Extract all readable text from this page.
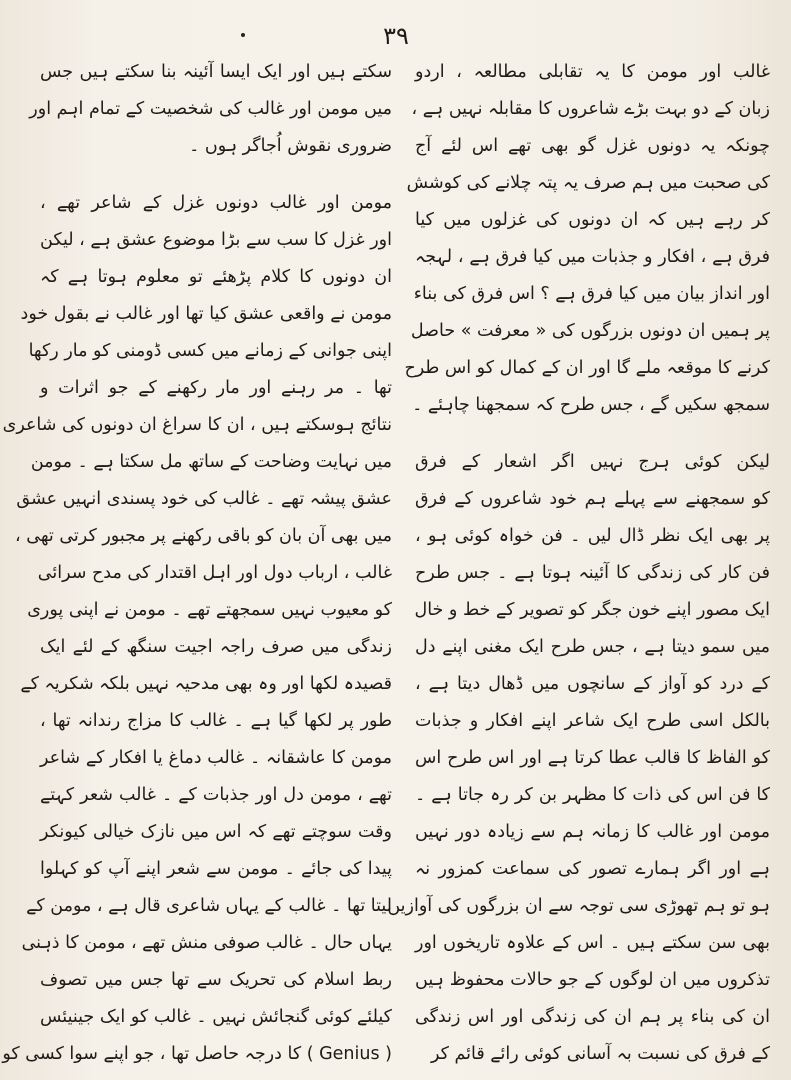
۳۹
غالب اور مومن کا یہ تقابلی مطالعہ ، اردو
زبان کے دو بہت بڑے شاعروں کا مقابلہ نہیں ہے ،
چونکہ یہ دونوں غزل گو بھی تھے اس لئے آج
کی صحبت میں ہم صرف یہ پتہ چلانے کی کوشش
کر رہے ہیں کہ ان دونوں کی غزلوں میں کیا
فرق ہے ، افکار و جذبات میں کیا فرق ہے ، لہجہ
اور انداز بیان میں کیا فرق ہے ؟ اس فرق کی بناء
پر ہمیں ان دونوں بزرگوں کی « معرفت » حاصل
کرنے کا موقعہ ملے گا اور ان کے کمال کو اس طرح
سمجھ سکیں گے ، جس طرح کہ سمجھنا چاہئے ۔
لیکن کوئی ہرج نہیں اگر اشعار کے فرق
کو سمجھنے سے پہلے ہم خود شاعروں کے فرق
پر بھی ایک نظر ڈال لیں ۔ فن خواہ کوئی ہو ،
فن کار کی زندگی کا آئینہ ہوتا ہے ۔ جس طرح
ایک مصور اپنے خون جگر کو تصویر کے خط و خال
میں سمو دیتا ہے ، جس طرح ایک مغنی اپنے دل
کے درد کو آواز کے سانچوں میں ڈھال دیتا ہے ،
بالکل اسی طرح ایک شاعر اپنے افکار و جذبات
کو الفاظ کا قالب عطا کرتا ہے اور اس طرح اس
کا فن اس کی ذات کا مظہر بن کر رہ جاتا ہے ۔
مومن اور غالب کا زمانہ ہم سے زیادہ دور نہیں
ہے اور اگر ہمارے تصور کی سماعت کمزور نہ
ہو تو ہم تھوڑی سی توجہ سے ان بزرگوں کی آوازیں
بھی سن سکتے ہیں ۔ اس کے علاوہ تاریخوں اور
تذکروں میں ان لوگوں کے جو حالات محفوظ ہیں
ان کی بناء پر ہم ان کی زندگی اور اس زندگی
کے فرق کی نسبت بہ آسانی کوئی رائے قائم کر
سکتے ہیں اور ایک ایسا آئینہ بنا سکتے ہیں جس
میں مومن اور غالب کی شخصیت کے تمام اہم اور
ضروری نقوش اُجاگر ہوں ۔
مومن اور غالب دونوں غزل کے شاعر تھے ،
اور غزل کا سب سے بڑا موضوع عشق ہے ، لیکن
ان دونوں کا کلام پڑھئے تو معلوم ہوتا ہے کہ
مومن نے واقعی عشق کیا تھا اور غالب نے بقول خود
اپنی جوانی کے زمانے میں کسی ڈومنی کو مار رکھا
تھا ۔ مر رہنے اور مار رکھنے کے جو اثرات و
نتائج ہوسکتے ہیں ، ان کا سراغ ان دونوں کی شاعری
میں نہایت وضاحت کے ساتھ مل سکتا ہے ۔ مومن
عشق پیشہ تھے ۔ غالب کی خود پسندی انہیں عشق
میں بھی آن بان کو باقی رکھنے پر مجبور کرتی تھی ،
غالب ، ارباب دول اور اہل اقتدار کی مدح سرائی
کو معیوب نہیں سمجھتے تھے ۔ مومن نے اپنی پوری
زندگی میں صرف راجہ اجیت سنگھ کے لئے ایک
قصیدہ لکھا اور وہ بھی مدحیہ نہیں بلکہ شکریہ کے
طور پر لکھا گیا ہے ۔ غالب کا مزاج رندانہ تھا ،
مومن کا عاشقانہ ۔ غالب دماغ یا افکار کے شاعر
تھے ، مومن دل اور جذبات کے ۔ غالب شعر کہتے
وقت سوچتے تھے کہ اس میں نازک خیالی کیونکر
پیدا کی جائے ۔ مومن سے شعر اپنے آپ کو کہلوا
لیتا تھا ۔ غالب کے یہاں شاعری قال ہے ، مومن کے
یہاں حال ۔ غالب صوفی منش تھے ، مومن کا ذہنی
ربط اسلام کی تحریک سے تھا جس میں تصوف
کیلئے کوئی گنجائش نہیں ۔ غالب کو ایک جینیئس
( Genius ) کا درجہ حاصل تھا ، جو اپنے سوا کسی کو
